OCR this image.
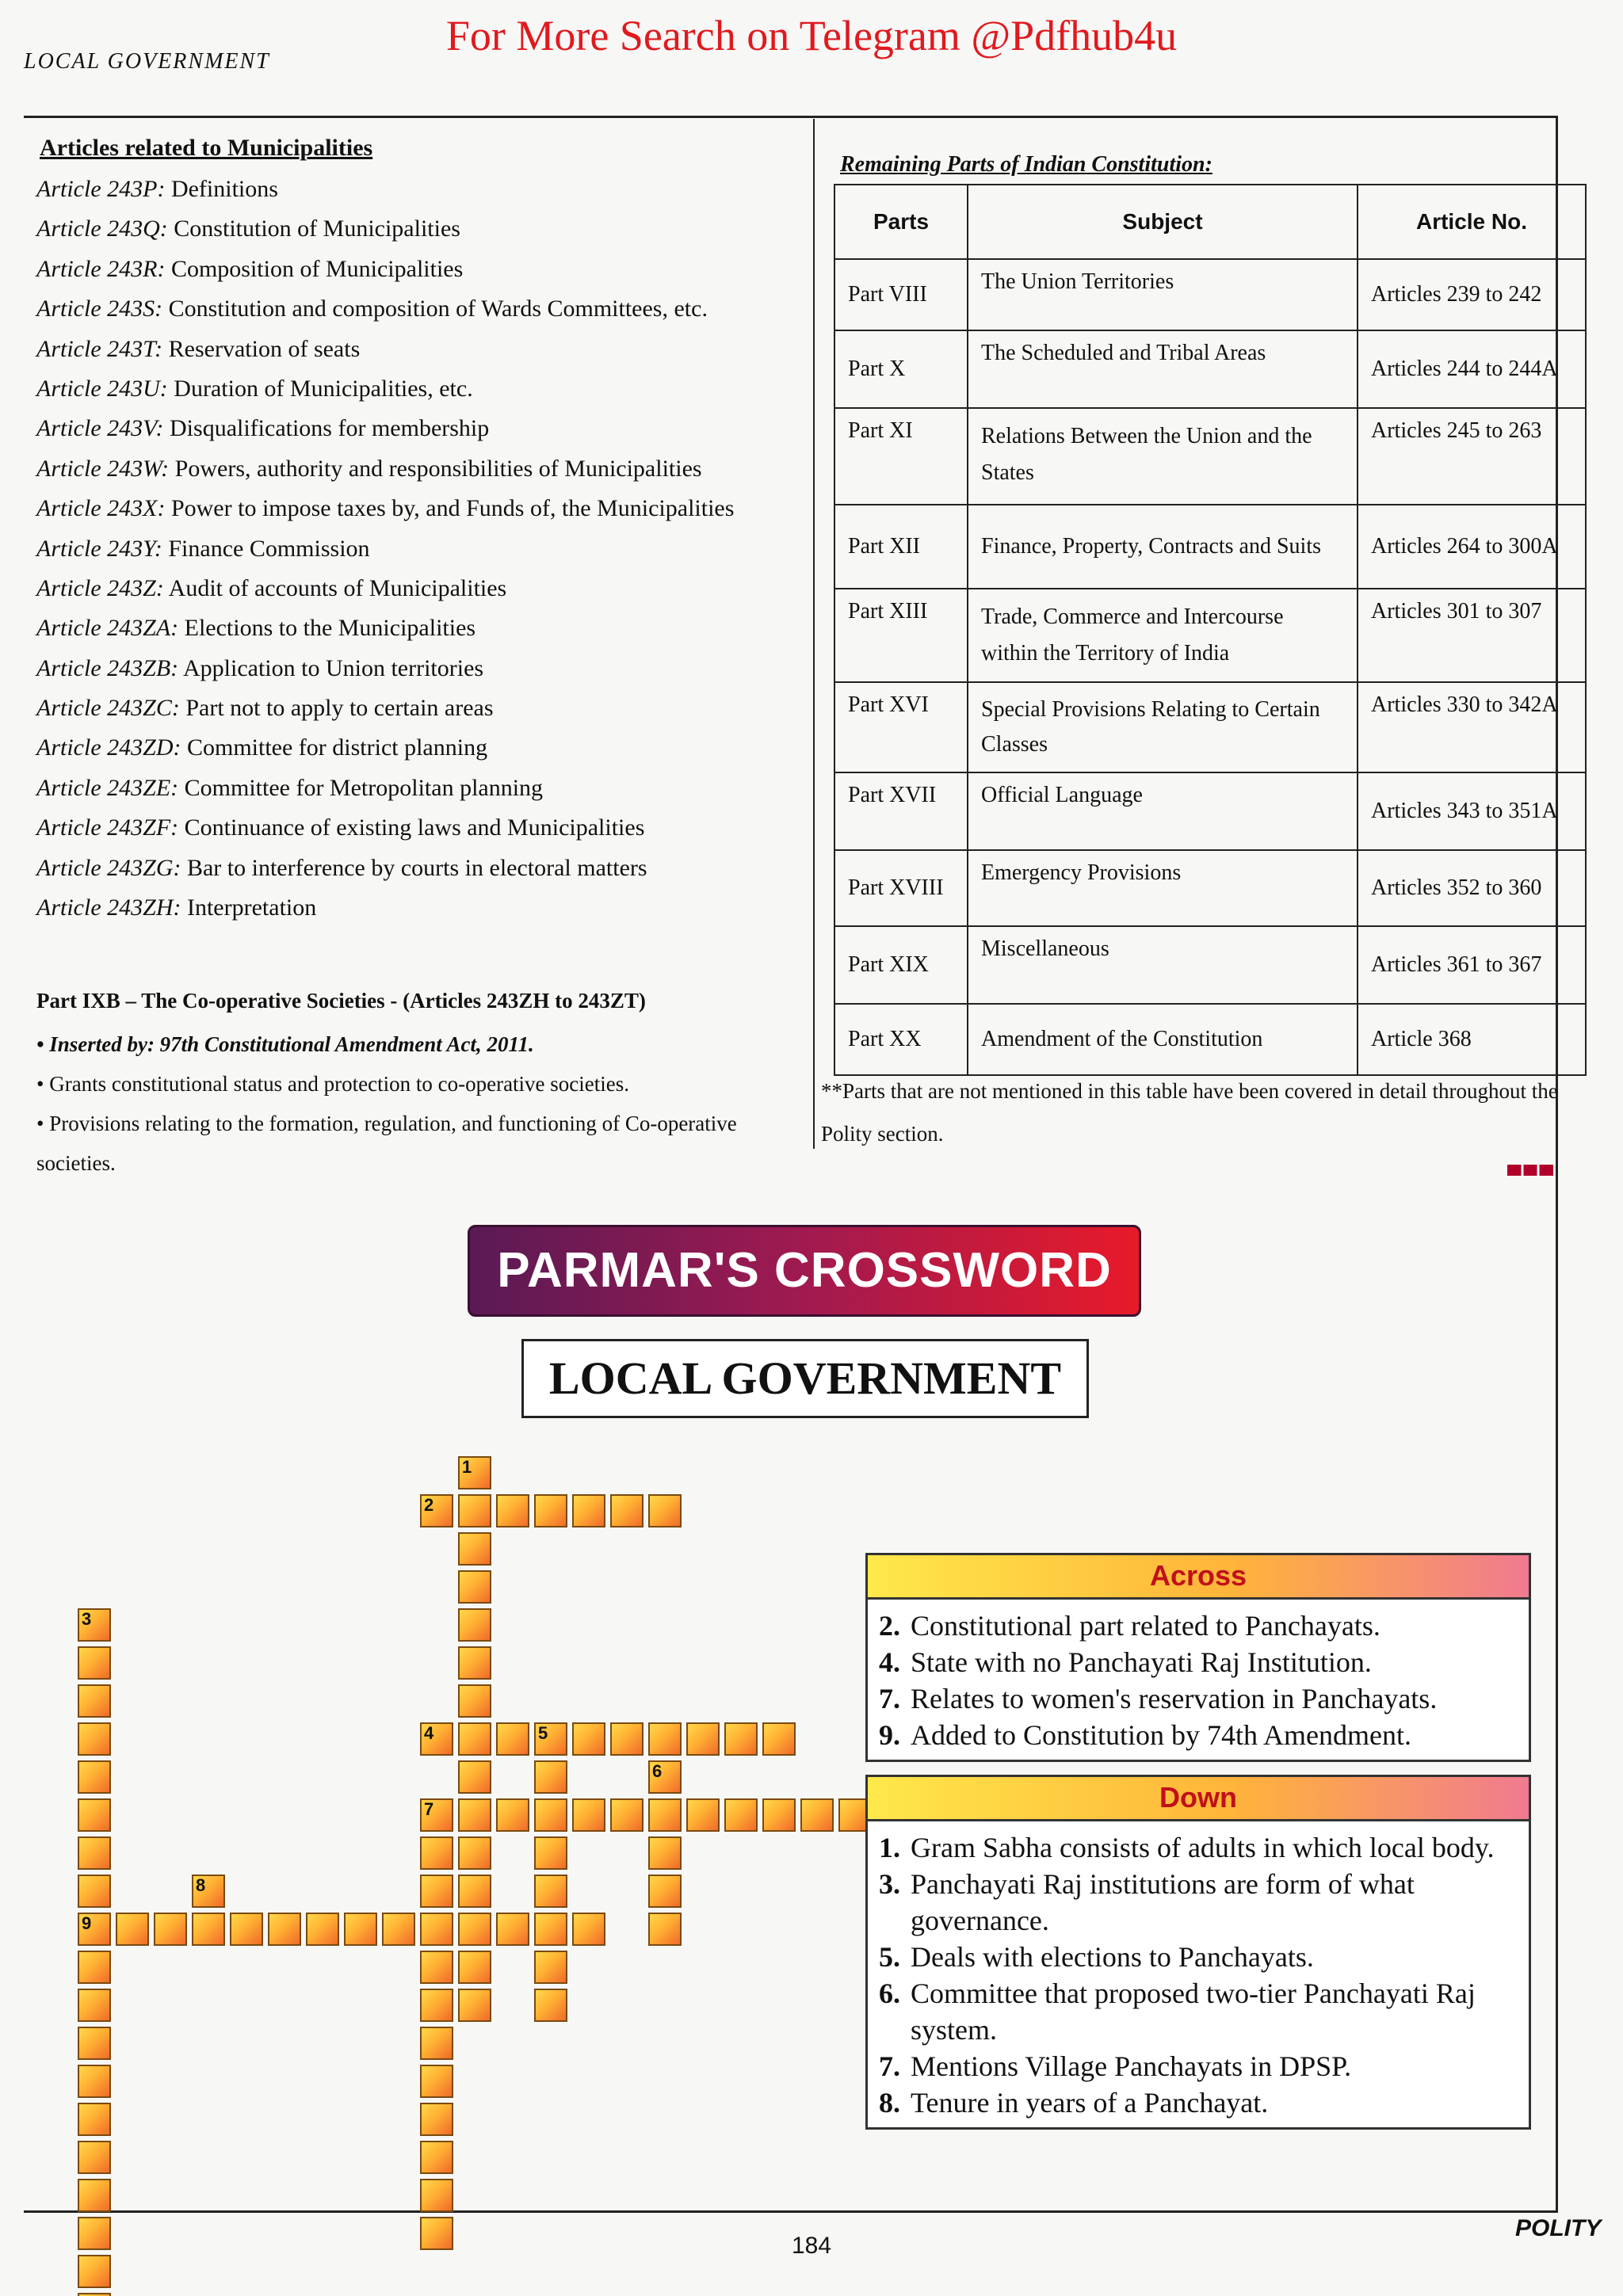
For More Search on Telegram @Pdfhub4u
LOCAL GOVERNMENT
Articles related to Municipalities
Article 243P: Definitions
Article 243Q: Constitution of Municipalities
Article 243R: Composition of Municipalities
Article 243S: Constitution and composition of Wards Committees, etc.
Article 243T: Reservation of seats
Article 243U: Duration of Municipalities, etc.
Article 243V: Disqualifications for membership
Article 243W: Powers, authority and responsibilities of Municipalities
Article 243X: Power to impose taxes by, and Funds of, the Municipalities
Article 243Y: Finance Commission
Article 243Z: Audit of accounts of Municipalities
Article 243ZA: Elections to the Municipalities
Article 243ZB: Application to Union territories
Article 243ZC: Part not to apply to certain areas
Article 243ZD: Committee for district planning
Article 243ZE: Committee for Metropolitan planning
Article 243ZF: Continuance of existing laws and Municipalities
Article 243ZG: Bar to interference by courts in electoral matters
Article 243ZH: Interpretation
Part IXB – The Co-operative Societies - (Articles 243ZH to 243ZT)

• Inserted by: 97th Constitutional Amendment Act, 2011.

• Grants constitutional status and protection to co-operative societies.

• Provisions relating to the formation, regulation, and functioning of Co-operative societies.

Remaining Parts of Indian Constitution:
Parts	Subject	Article No.
Part VIII	The Union Territories	Articles 239 to 242
Part X	The Scheduled and Tribal Areas	Articles 244 to 244A
Part XI	Relations Between the Union and the States	Articles 245 to 263
Part XII	Finance, Property, Contracts and Suits	Articles 264 to 300A
Part XIII	Trade, Commerce and Intercourse within the Territory of India	Articles 301 to 307
Part XVI	Special Provisions Relating to Certain Classes	Articles 330 to 342A
Part XVII	Official Language	Articles 343 to 351A
Part XVIII	Emergency Provisions	Articles 352 to 360
Part XIX	Miscellaneous	Articles 361 to 367
Part XX	Amendment of the Constitution	Article 368
**Parts that are not mentioned in this table have been covered in detail throughout the Polity section.
PARMAR'S CROSSWORD
LOCAL GOVERNMENT
1
2
3
9
4	5
6
7
8
Across
2. Constitutional part related to Panchayats.
4. State with no Panchayati Raj Institution.
7. Relates to women's reservation in Panchayats.
9. Added to Constitution by 74th Amendment.
Down
1. Gram Sabha consists of adults in which local body.
3. Panchayati Raj institutions are form of what governance.
5. Deals with elections to Panchayats.
6. Committee that proposed two-tier Panchayati Raj system.
7. Mentions Village Panchayats in DPSP.
8. Tenure in years of a Panchayat.
184
POLITY
